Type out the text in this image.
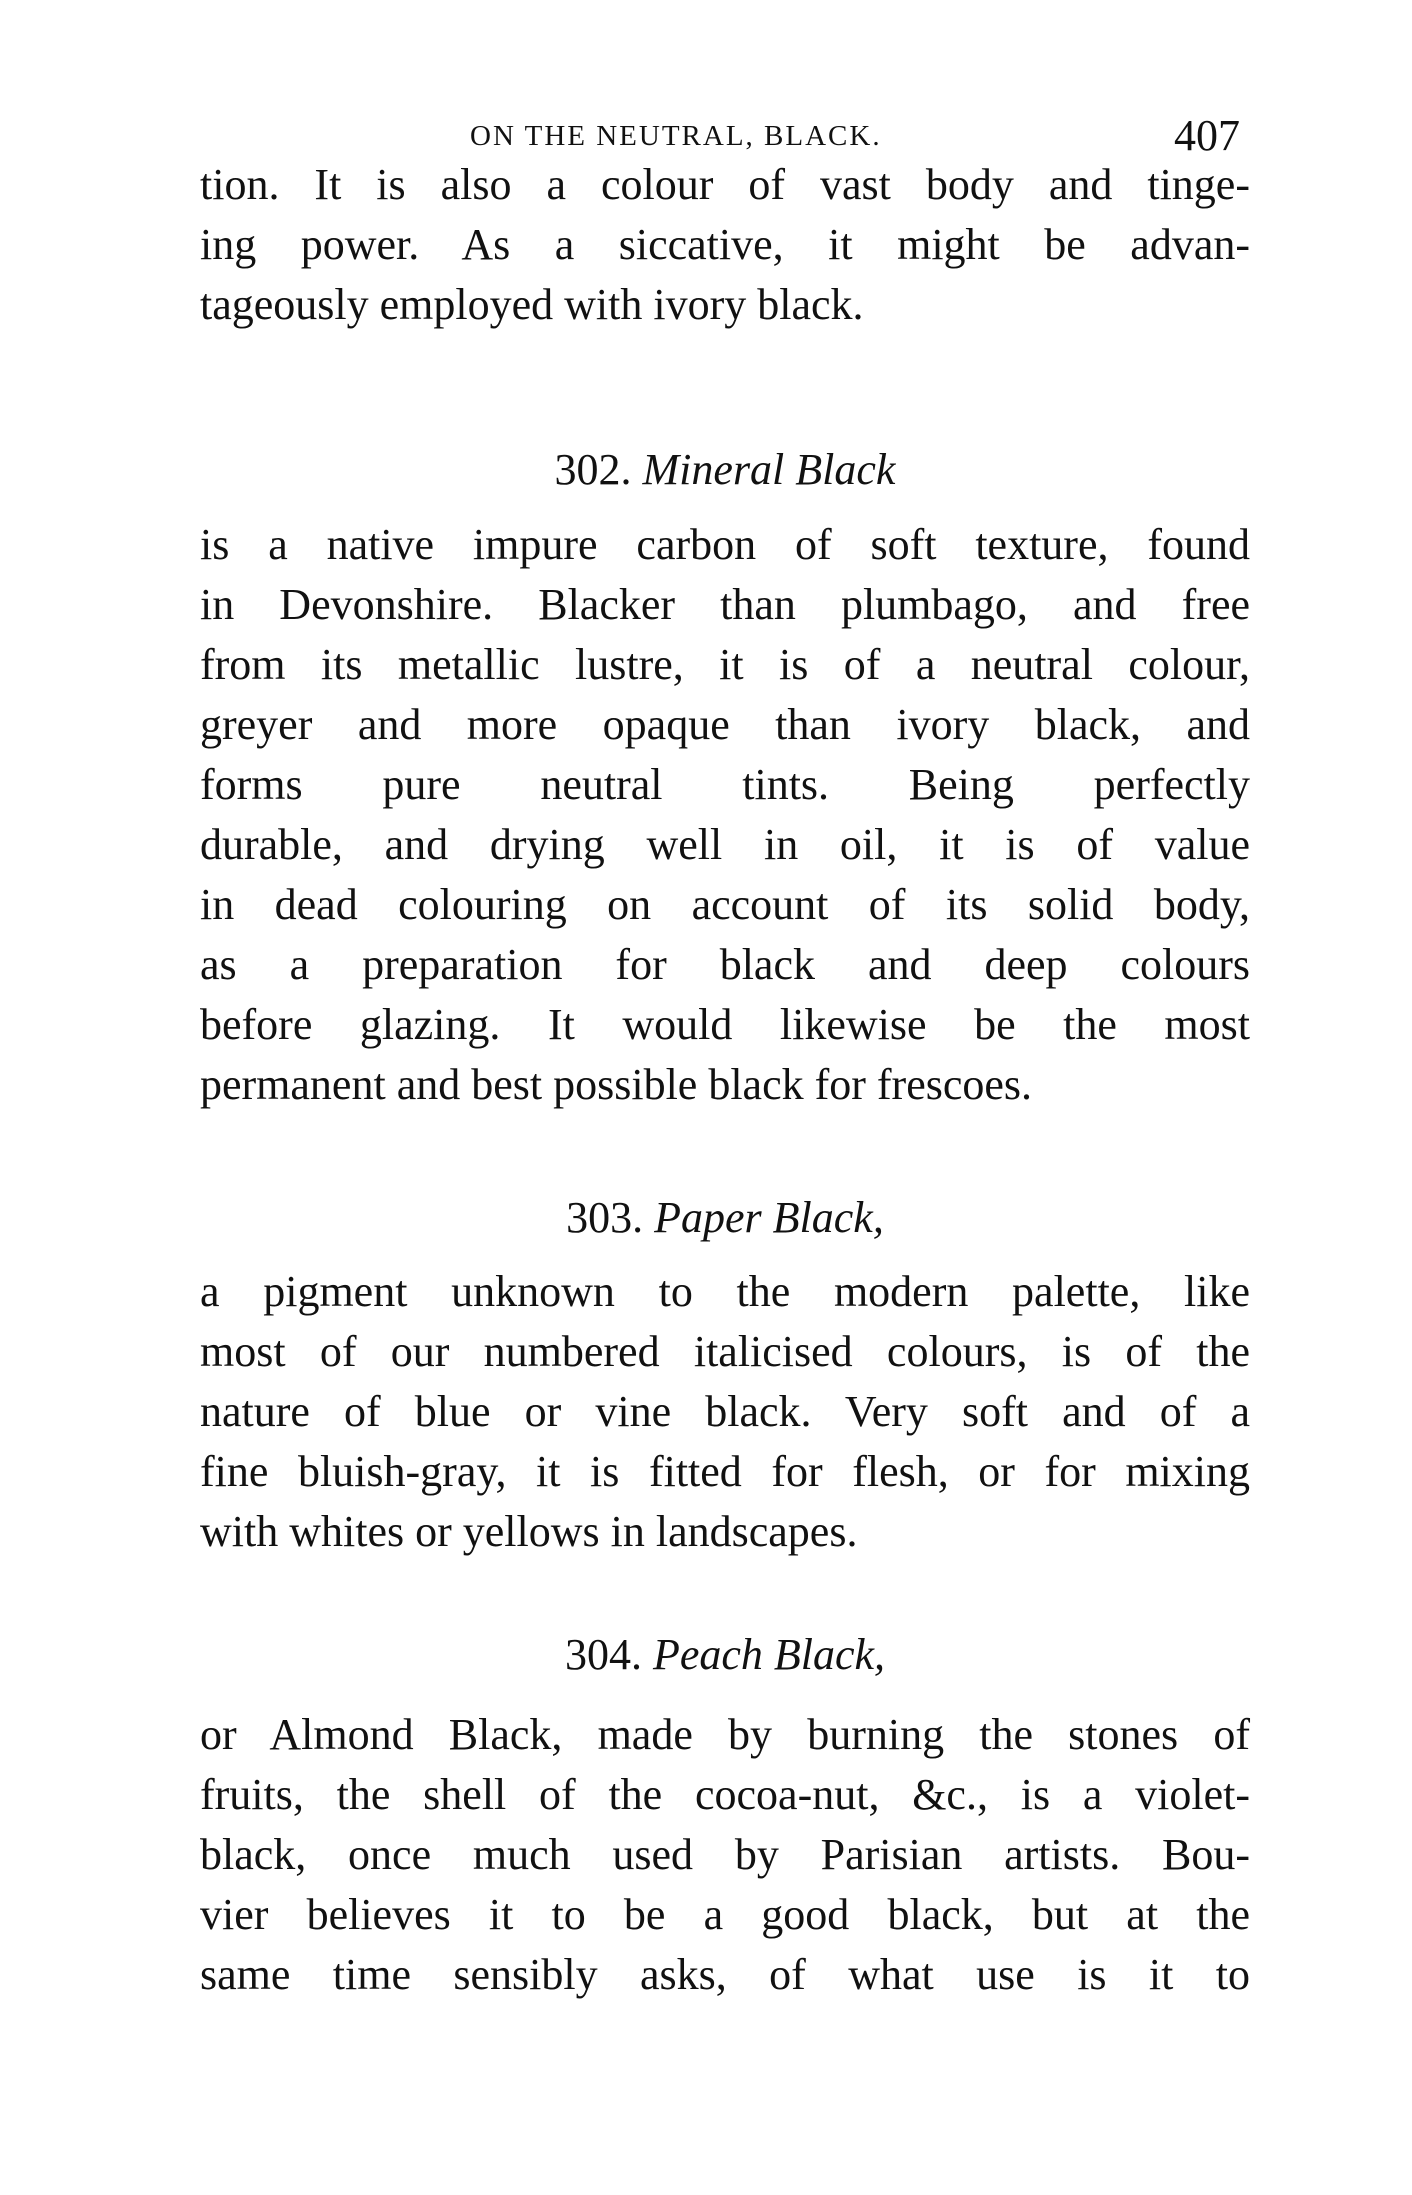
ON THE NEUTRAL, BLACK.	407
tion. It is also a colour of vast body and tinge-
ing power. As a siccative, it might be advan-
tageously employed with ivory black.
302. Mineral Black
is a native impure carbon of soft texture, found
in Devonshire. Blacker than plumbago, and free
from its metallic lustre, it is of a neutral colour,
greyer and more opaque than ivory black, and
forms pure neutral tints. Being perfectly
durable, and drying well in oil, it is of value
in dead colouring on account of its solid body,
as a preparation for black and deep colours
before glazing. It would likewise be the most
permanent and best possible black for frescoes.
303. Paper Black,
a pigment unknown to the modern palette, like
most of our numbered italicised colours, is of the
nature of blue or vine black. Very soft and of a
fine bluish-gray, it is fitted for flesh, or for mixing
with whites or yellows in landscapes.
304. Peach Black,
or Almond Black, made by burning the stones of
fruits, the shell of the cocoa-nut, &c., is a violet-
black, once much used by Parisian artists. Bou-
vier believes it to be a good black, but at the
same time sensibly asks, of what use is it to
